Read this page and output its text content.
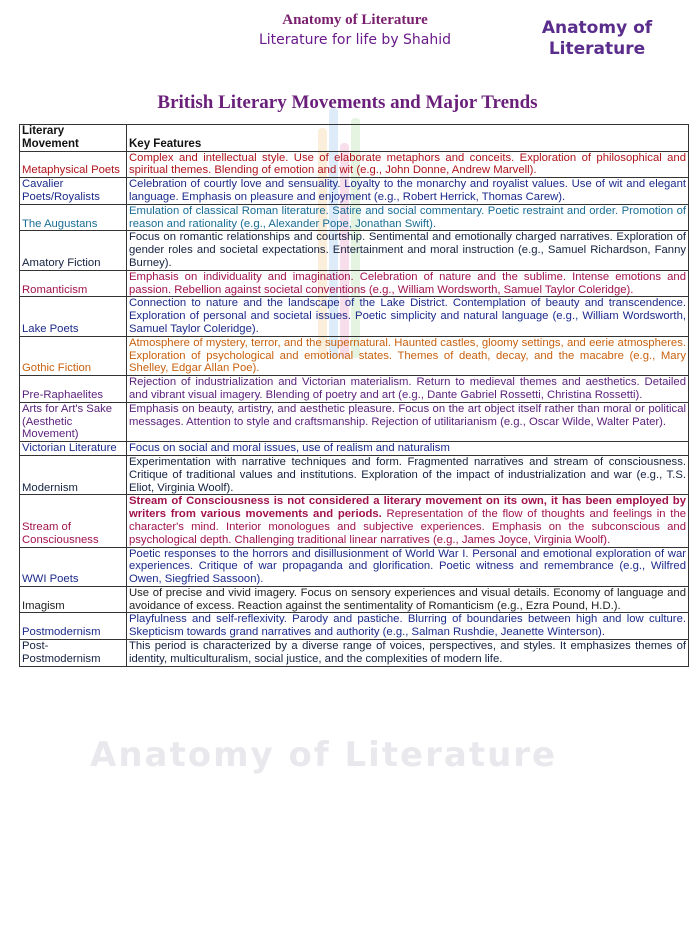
Anatomy of Literature
Literature for life by Shahid
Anatomy of
Literature
British Literary Movements and Major Trends
Literary Movement	Key Features
Metaphysical Poets	Complex and intellectual style. Use of elaborate metaphors and conceits. Exploration of philosophical and spiritual themes. Blending of emotion and wit (e.g., John Donne, Andrew Marvell).
Cavalier Poets/Royalists	Celebration of courtly love and sensuality. Loyalty to the monarchy and royalist values. Use of wit and elegant language. Emphasis on pleasure and enjoyment (e.g., Robert Herrick, Thomas Carew).
The Augustans	Emulation of classical Roman literature. Satire and social commentary. Poetic restraint and order. Promotion of reason and rationality (e.g., Alexander Pope, Jonathan Swift).
Amatory Fiction	Focus on romantic relationships and courtship. Sentimental and emotionally charged narratives. Exploration of gender roles and societal expectations. Entertainment and moral instruction (e.g., Samuel Richardson, Fanny Burney).
Romanticism	Emphasis on individuality and imagination. Celebration of nature and the sublime. Intense emotions and passion. Rebellion against societal conventions (e.g., William Wordsworth, Samuel Taylor Coleridge).
Lake Poets	Connection to nature and the landscape of the Lake District. Contemplation of beauty and transcendence. Exploration of personal and societal issues. Poetic simplicity and natural language (e.g., William Wordsworth, Samuel Taylor Coleridge).
Gothic Fiction	Atmosphere of mystery, terror, and the supernatural. Haunted castles, gloomy settings, and eerie atmospheres. Exploration of psychological and emotional states. Themes of death, decay, and the macabre (e.g., Mary Shelley, Edgar Allan Poe).
Pre-Raphaelites	Rejection of industrialization and Victorian materialism. Return to medieval themes and aesthetics. Detailed and vibrant visual imagery. Blending of poetry and art (e.g., Dante Gabriel Rossetti, Christina Rossetti).
Arts for Art's Sake (Aesthetic Movement)	Emphasis on beauty, artistry, and aesthetic pleasure. Focus on the art object itself rather than moral or political messages. Attention to style and craftsmanship. Rejection of utilitarianism (e.g., Oscar Wilde, Walter Pater).
Victorian Literature	Focus on social and moral issues, use of realism and naturalism
Modernism	Experimentation with narrative techniques and form. Fragmented narratives and stream of consciousness. Critique of traditional values and institutions. Exploration of the impact of industrialization and war (e.g., T.S. Eliot, Virginia Woolf).
Stream of Consciousness	Stream of Consciousness is not considered a literary movement on its own, it has been employed by writers from various movements and periods. Representation of the flow of thoughts and feelings in the character's mind. Interior monologues and subjective experiences. Emphasis on the subconscious and psychological depth. Challenging traditional linear narratives (e.g., James Joyce, Virginia Woolf).
WWI Poets	Poetic responses to the horrors and disillusionment of World War I. Personal and emotional exploration of war experiences. Critique of war propaganda and glorification. Poetic witness and remembrance (e.g., Wilfred Owen, Siegfried Sassoon).
Imagism	Use of precise and vivid imagery. Focus on sensory experiences and visual details. Economy of language and avoidance of excess. Reaction against the sentimentality of Romanticism (e.g., Ezra Pound, H.D.).
Postmodernism	Playfulness and self-reflexivity. Parody and pastiche. Blurring of boundaries between high and low culture. Skepticism towards grand narratives and authority (e.g., Salman Rushdie, Jeanette Winterson).
Post-Postmodernism	This period is characterized by a diverse range of voices, perspectives, and styles. It emphasizes themes of identity, multiculturalism, social justice, and the complexities of modern life.
Anatomy of Literature
